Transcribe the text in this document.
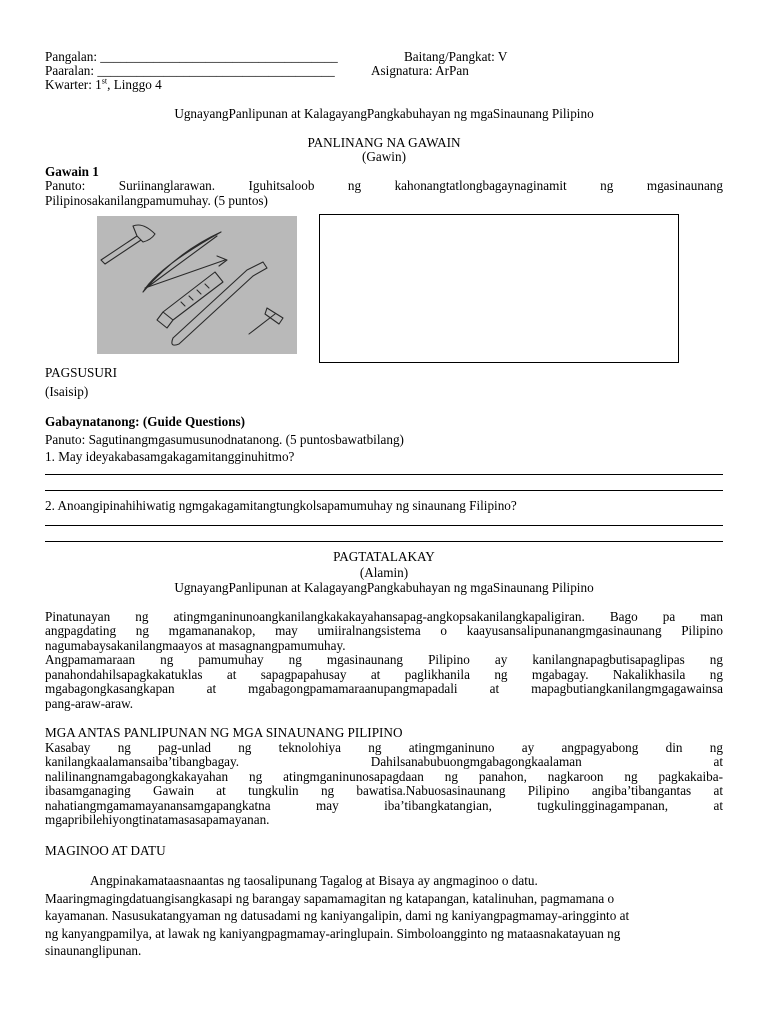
Pangalan: ____________________________________	Baitang/Pangkat: V
Paaralan: ____________________________________	Asignatura: ArPan
Kwarter: 1st, Linggo 4
UgnayangPanlipunan at KalagayangPangkabuhayan ng mgaSinaunang Pilipino
PANLINANG NA GAWAIN
(Gawin)
Gawain 1
Panuto: Suriinanglarawan. Iguhitsaloob ng kahonangtatlongbagaynaginamit ng mgasinaunang
Pilipinosakanilangpamumuhay. (5 puntos)
PAGSUSURI
(Isaisip)
Gabaynatanong: (Guide Questions)
Panuto: Sagutinangmgasumusunodnatanong. (5 puntosbawatbilang)
1. May ideyakabasamgakagamitangginuhitmo?
2. Anoangipinahihiwatig ngmgakagamitangtungkolsapamumuhay ng sinaunang Filipino?
PAGTATALAKAY
(Alamin)
UgnayangPanlipunan at KalagayangPangkabuhayan ng mgaSinaunang Pilipino
Pinatunayan ng atingmganinunoangkanilangkakakayahansapag-angkopsakanilangkapaligiran. Bago pa man
angpagdating ng mgamananakop, may umiiralnangsistema o kaayusansalipunanangmgasinaunang Pilipino
nagumabaysakanilangmaayos at masagnangpamumuhay.
Angpamamaraan ng pamumuhay ng mgasinaunang Pilipino ay kanilangnapagbutisapaglipas ng
panahondahilsapagkakatuklas at sapagpapahusay at paglikhanila ng mgabagay. Nakalikhasila ng
mgabagongkasangkapan at mgabagongpamamaraanupangmapadali at mapagbutiangkanilangmgagawainsa
pang-araw-araw.
MGA ANTAS PANLIPUNAN NG MGA SINAUNANG PILIPINO
Kasabay ng pag-unlad ng teknolohiya ng atingmganinuno ay angpagyabong din ng
kanilangkaalamansaiba’tibangbagay. Dahilsanabubuongmgabagongkaalaman at
nalilinangnamgabagongkakayahan ng atingmganinunosapagdaan ng panahon, nagkaroon ng pagkakaiba-
ibasamganaging Gawain at tungkulin ng bawatisa.Nabuosasinaunang Pilipino angiba’tibangantas at
nahatiangmgamamayanansamgapangkatna may iba’tibangkatangian, tugkulingginagampanan, at
mgapribilehiyongtinatamasasapamayanan.
MAGINOO AT DATU
Angpinakamataasnaantas ng taosalipunang Tagalog at Bisaya ay angmaginoo o datu.
Maaringmagingdatuangisangkasapi ng barangay sapamamagitan ng katapangan, katalinuhan, pagmamana o
kayamanan. Nasusukatangyaman ng datusadami ng kaniyangalipin, dami ng kaniyangpagmamay-aringginto at
ng kanyangpamilya, at lawak ng kaniyangpagmamay-aringlupain. Simboloangginto ng mataasnakatayuan ng
sinaunanglipunan.
